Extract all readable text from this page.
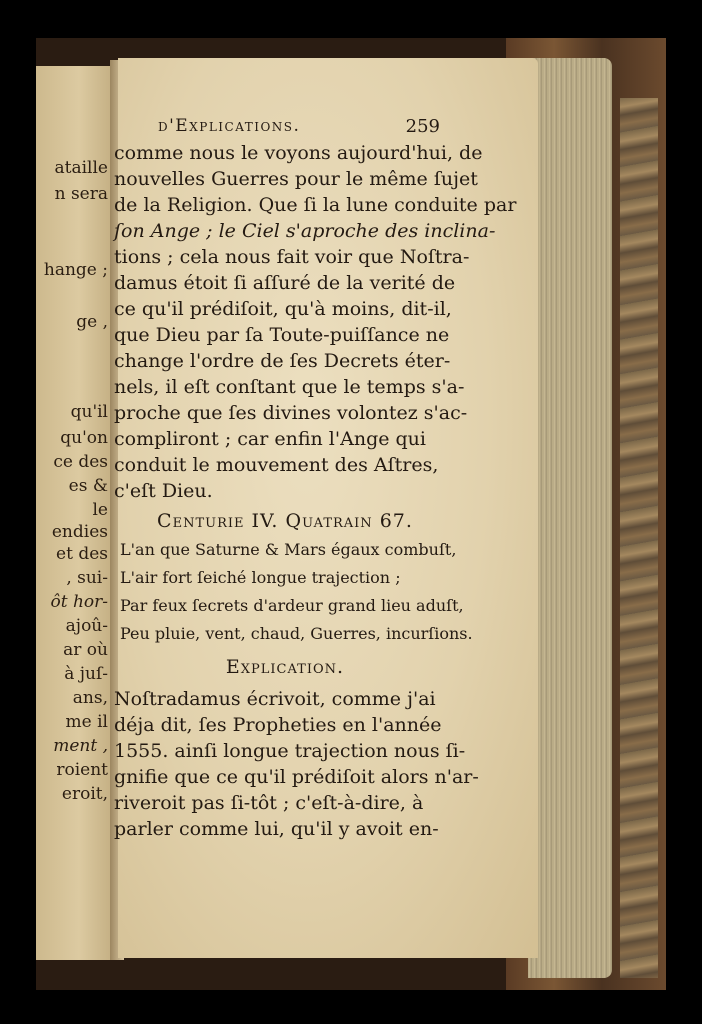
ataille
n sera
hange ;
ge ,
qu'il
qu'on
ce des
es &
le
endies
et des
, sui-
ôt hor-
ajoû-
ar où
à juſ-
ans,
me il
ment ,
roient
eroit,
d'Explications.	259
comme nous le voyons aujourd'hui, de
nouvelles Guerres pour le même ſujet
de la Religion. Que ſi la lune conduite par
ſon Ange ; le Ciel s'aproche des inclina-
tions ; cela nous fait voir que Noſtra-
damus étoit ſi aſſuré de la verité de
ce qu'il prédiſoit, qu'à moins, dit-il,
que Dieu par ſa Toute-puiſſance ne
change l'ordre de ſes Decrets éter-
nels, il eſt conſtant que le temps s'a-
proche que ſes divines volontez s'ac-
compliront ; car enfin l'Ange qui
conduit le mouvement des Aſtres,
c'eſt Dieu.
Centurie IV. Quatrain 67.
L'an que Saturne & Mars égaux combuſt,
L'air fort ſeiché longue trajection ;
Par feux ſecrets d'ardeur grand lieu aduſt,
Peu pluie, vent, chaud, Guerres, incurſions.
Explication.
Noſtradamus écrivoit, comme j'ai
déja dit, ſes Propheties en l'année
1555. ainſi longue trajection nous ſi-
gnifie que ce qu'il prédiſoit alors n'ar-
riveroit pas ſi-tôt ; c'eſt-à-dire, à
parler comme lui, qu'il y avoit en-
